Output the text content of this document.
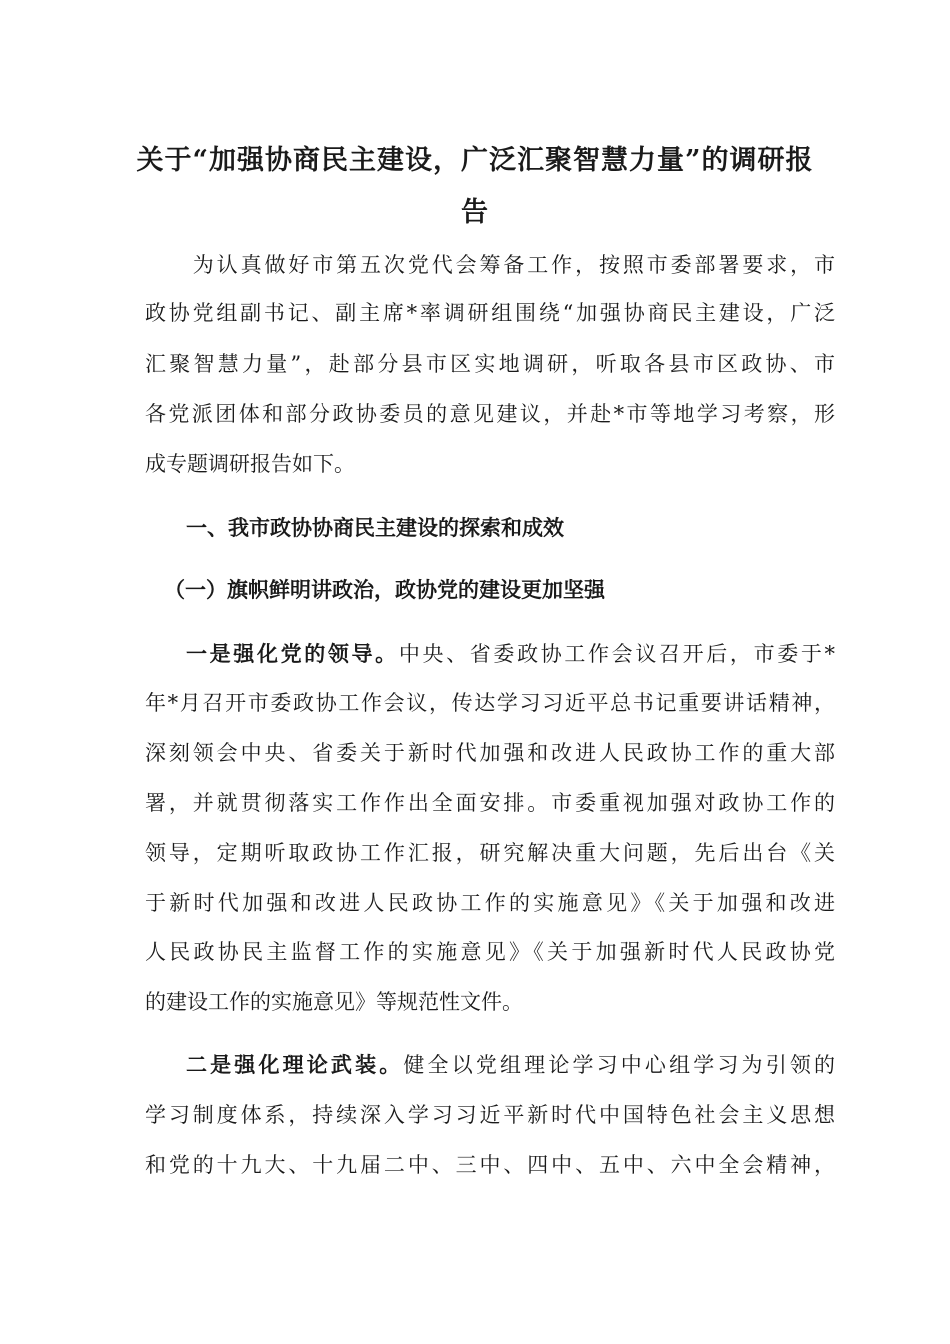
关于“加强协商民主建设，广泛汇聚智慧力量”的调研报
告
　　为认真做好市第五次党代会筹备工作，按照市委部署要求，市
政协党组副书记、副主席*率调研组围绕“加强协商民主建设，广泛
汇聚智慧力量”，赴部分县市区实地调研，听取各县市区政协、市
各党派团体和部分政协委员的意见建议，并赴*市等地学习考察，形
成专题调研报告如下。
一、我市政协协商民主建设的探索和成效
（一）旗帜鲜明讲政治，政协党的建设更加坚强
一是强化党的领导。中央、省委政协工作会议召开后，市委于*
年*月召开市委政协工作会议，传达学习习近平总书记重要讲话精神，
深刻领会中央、省委关于新时代加强和改进人民政协工作的重大部
署，并就贯彻落实工作作出全面安排。市委重视加强对政协工作的
领导，定期听取政协工作汇报，研究解决重大问题，先后出台《关
于新时代加强和改进人民政协工作的实施意见》《关于加强和改进
人民政协民主监督工作的实施意见》《关于加强新时代人民政协党
的建设工作的实施意见》等规范性文件。
二是强化理论武装。健全以党组理论学习中心组学习为引领的
学习制度体系，持续深入学习习近平新时代中国特色社会主义思想
和党的十九大、十九届二中、三中、四中、五中、六中全会精神，
